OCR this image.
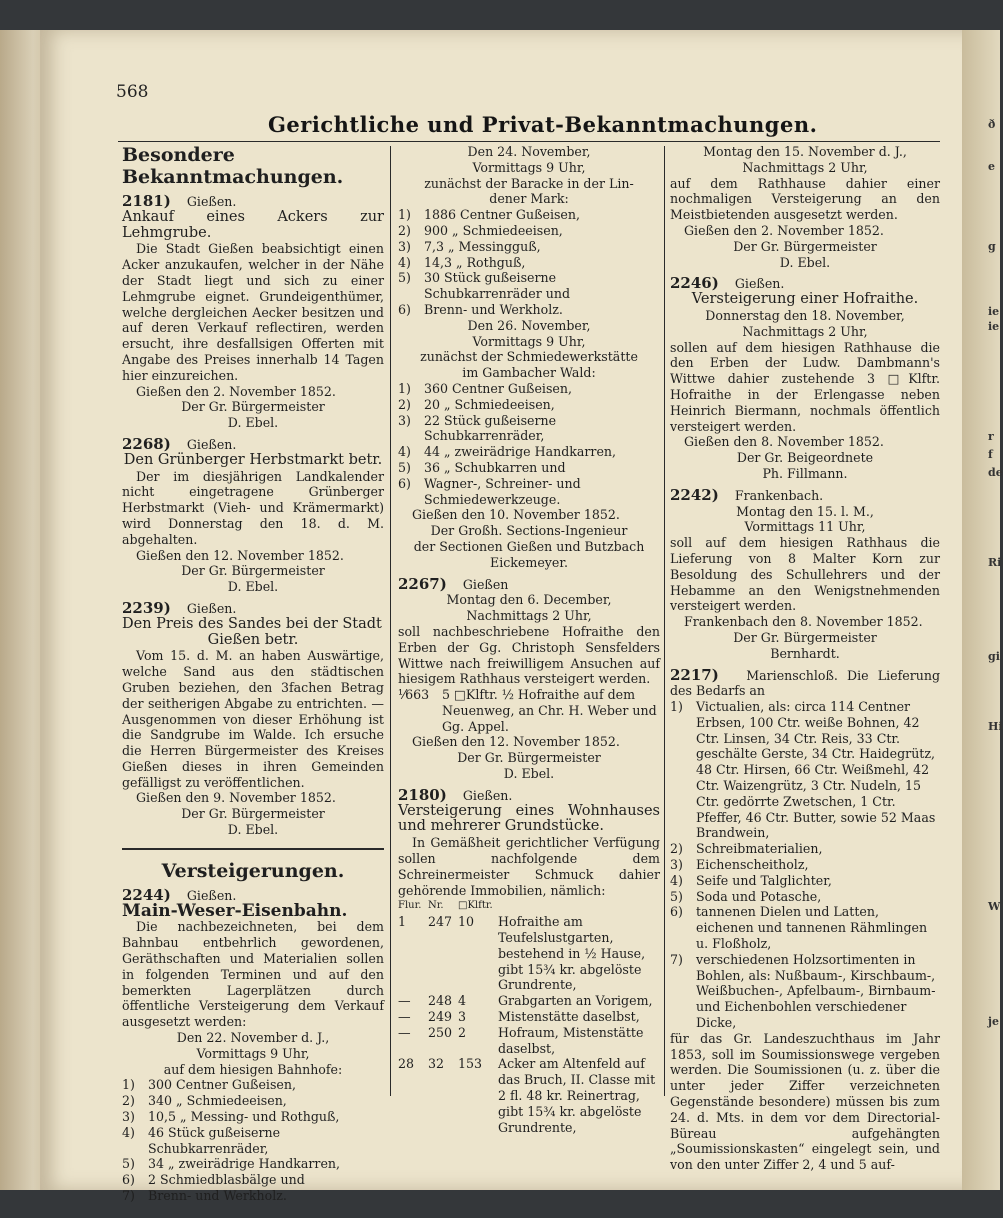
568
Gerichtliche und Privat-Bekanntmachungen.
Besondere Bekanntmachungen.

2181) Gießen.

Ankauf eines Ackers zur Lehmgrube.

Die Stadt Gießen beabsichtigt einen Acker anzukaufen, welcher in der Nähe der Stadt liegt und sich zu einer Lehmgrube eignet. Grundeigenthümer, welche dergleichen Aecker besitzen und auf deren Verkauf reflectiren, werden ersucht, ihre desfallsigen Offerten mit Angabe des Preises innerhalb 14 Tagen hier einzureichen.

Gießen den 2. November 1852.

Der Gr. Bürgermeister

D. Ebel.

2268) Gießen.

Den Grünberger Herbstmarkt betr.

Der im diesjährigen Landkalender nicht eingetragene Grünberger Herbstmarkt (Vieh- und Krämermarkt) wird Donnerstag den 18. d. M. abgehalten.

Gießen den 12. November 1852.

Der Gr. Bürgermeister

D. Ebel.

2239) Gießen.

Den Preis des Sandes bei der Stadt

Gießen betr.

Vom 15. d. M. an haben Auswärtige, welche Sand aus den städtischen Gruben beziehen, den 3fachen Betrag der seitherigen Abgabe zu entrichten. — Ausgenommen von dieser Erhöhung ist die Sandgrube im Walde. Ich ersuche die Herren Bürgermeister des Kreises Gießen dieses in ihren Gemeinden gefälligst zu veröffentlichen.

Gießen den 9. November 1852.

Der Gr. Bürgermeister

D. Ebel.

Versteigerungen.

2244) Gießen.

Main-Weser-Eisenbahn.

Die nachbezeichneten, bei dem Bahnbau entbehrlich gewordenen, Geräthschaften und Materialien sollen in folgenden Terminen und auf den bemerkten Lagerplätzen durch öffentliche Versteigerung dem Verkauf ausgesetzt werden:

Den 22. November d. J.,

Vormittags 9 Uhr,

auf dem hiesigen Bahnhofe:

1)	300 Centner Gußeisen,
2)	340 „ Schmiedeeisen,
3)	10,5 „ Messing- und Rothguß,
4)	46 Stück gußeiserne Schubkarrenräder,
5)	34 „ zweirädrige Handkarren,
6)	2 Schmiedblasbälge und
7)	Brenn- und Werkholz.

Den 24. November,

Vormittags 9 Uhr,

zunächst der Baracke in der Lin-

dener Mark:

1)	1886 Centner Gußeisen,
2)	900 „ Schmiedeeisen,
3)	7,3 „ Messingguß,
4)	14,3 „ Rothguß,
5)	30 Stück gußeiserne Schubkarrenräder und
6)	Brenn- und Werkholz.

Den 26. November,

Vormittags 9 Uhr,

zunächst der Schmiedewerkstätte

im Gambacher Wald:

1)	360 Centner Gußeisen,
2)	20 „ Schmiedeeisen,
3)	22 Stück gußeiserne Schubkarrenräder,
4)	44 „ zweirädrige Handkarren,
5)	36 „ Schubkarren und
6)	Wagner-, Schreiner- und Schmiedewerkzeuge.

Gießen den 10. November 1852.

Der Großh. Sections-Ingenieur

der Sectionen Gießen und Butzbach

Eickemeyer.

2267) Gießen

Montag den 6. December,

Nachmittags 2 Uhr,

soll nachbeschriebene Hofraithe den Erben der Gg. Christoph Sensfelders Wittwe nach freiwilligem Ansuchen auf hiesigem Rathhaus versteigert werden.

⅟663	5 □Klftr. ½ Hofraithe auf dem Neuenweg, an Chr. H. Weber und Gg. Appel.

Gießen den 12. November 1852.

Der Gr. Bürgermeister

D. Ebel.

2180) Gießen.

Versteigerung eines Wohnhauses und mehrerer Grundstücke.

In Gemäßheit gerichtlicher Verfügung sollen nachfolgende dem Schreinermeister Schmuck dahier gehörende Immobilien, nämlich:

Flur.	Nr.	□Klftr.	
1	247	10	Hofraithe am Teufelslustgarten, bestehend in ½ Hause, gibt 15¾ kr. abgelöste Grundrente,
—	248	4	Grabgarten an Vorigem,
—	249	3	Mistenstätte daselbst,
—	250	2	Hofraum, Mistenstätte daselbst,
28	32	153	Acker am Altenfeld auf das Bruch, II. Classe mit 2 fl. 48 kr. Reinertrag, gibt 15¾ kr. abgelöste Grundrente,

Montag den 15. November d. J.,

Nachmittags 2 Uhr,

auf dem Rathhause dahier einer nochmaligen Versteigerung an den Meistbietenden ausgesetzt werden.

Gießen den 2. November 1852.

Der Gr. Bürgermeister

D. Ebel.

2246) Gießen.

Versteigerung einer Hofraithe.

Donnerstag den 18. November,

Nachmittags 2 Uhr,

sollen auf dem hiesigen Rathhause die den Erben der Ludw. Dambmann's Wittwe dahier zustehende 3 □Klftr. Hofraithe in der Erlengasse neben Heinrich Biermann, nochmals öffentlich versteigert werden.

Gießen den 8. November 1852.

Der Gr. Beigeordnete

Ph. Fillmann.

2242) Frankenbach.

Montag den 15. l. M.,

Vormittags 11 Uhr,

soll auf dem hiesigen Rathhaus die Lieferung von 8 Malter Korn zur Besoldung des Schullehrers und der Hebamme an den Wenigstnehmenden versteigert werden.

Frankenbach den 8. November 1852.

Der Gr. Bürgermeister

Bernhardt.

2217) Marienschloß. Die Lieferung des Bedarfs an

1)	Victualien, als: circa 114 Centner Erbsen, 100 Ctr. weiße Bohnen, 42 Ctr. Linsen, 34 Ctr. Reis, 33 Ctr. geschälte Gerste, 34 Ctr. Haidegrütz, 48 Ctr. Hirsen, 66 Ctr. Weißmehl, 42 Ctr. Waizengrütz, 3 Ctr. Nudeln, 15 Ctr. gedörrte Zwetschen, 1 Ctr. Pfeffer, 46 Ctr. Butter, sowie 52 Maas Brandwein,
2)	Schreibmaterialien,
3)	Eichenscheitholz,
4)	Seife und Talglichter,
5)	Soda und Potasche,
6)	tannenen Dielen und Latten, eichenen und tannenen Rähmlingen u. Floßholz,
7)	verschiedenen Holzsortimenten in Bohlen, als: Nußbaum-, Kirschbaum-, Weißbuchen-, Apfelbaum-, Birnbaum- und Eichenbohlen verschiedener Dicke,

für das Gr. Landeszuchthaus im Jahr 1853, soll im Soumissionswege vergeben werden. Die Soumissionen (u. z. über die unter jeder Ziffer verzeichneten Gegenstände besondere) müssen bis zum 24. d. Mts. in dem vor dem Directorial-Büreau aufgehängten „Soumissionskasten“ eingelegt sein, und von den unter Ziffer 2, 4 und 5 auf-

ð
e
g
ie
ie
r
f
de
Ri
gi
Hi
W
je
